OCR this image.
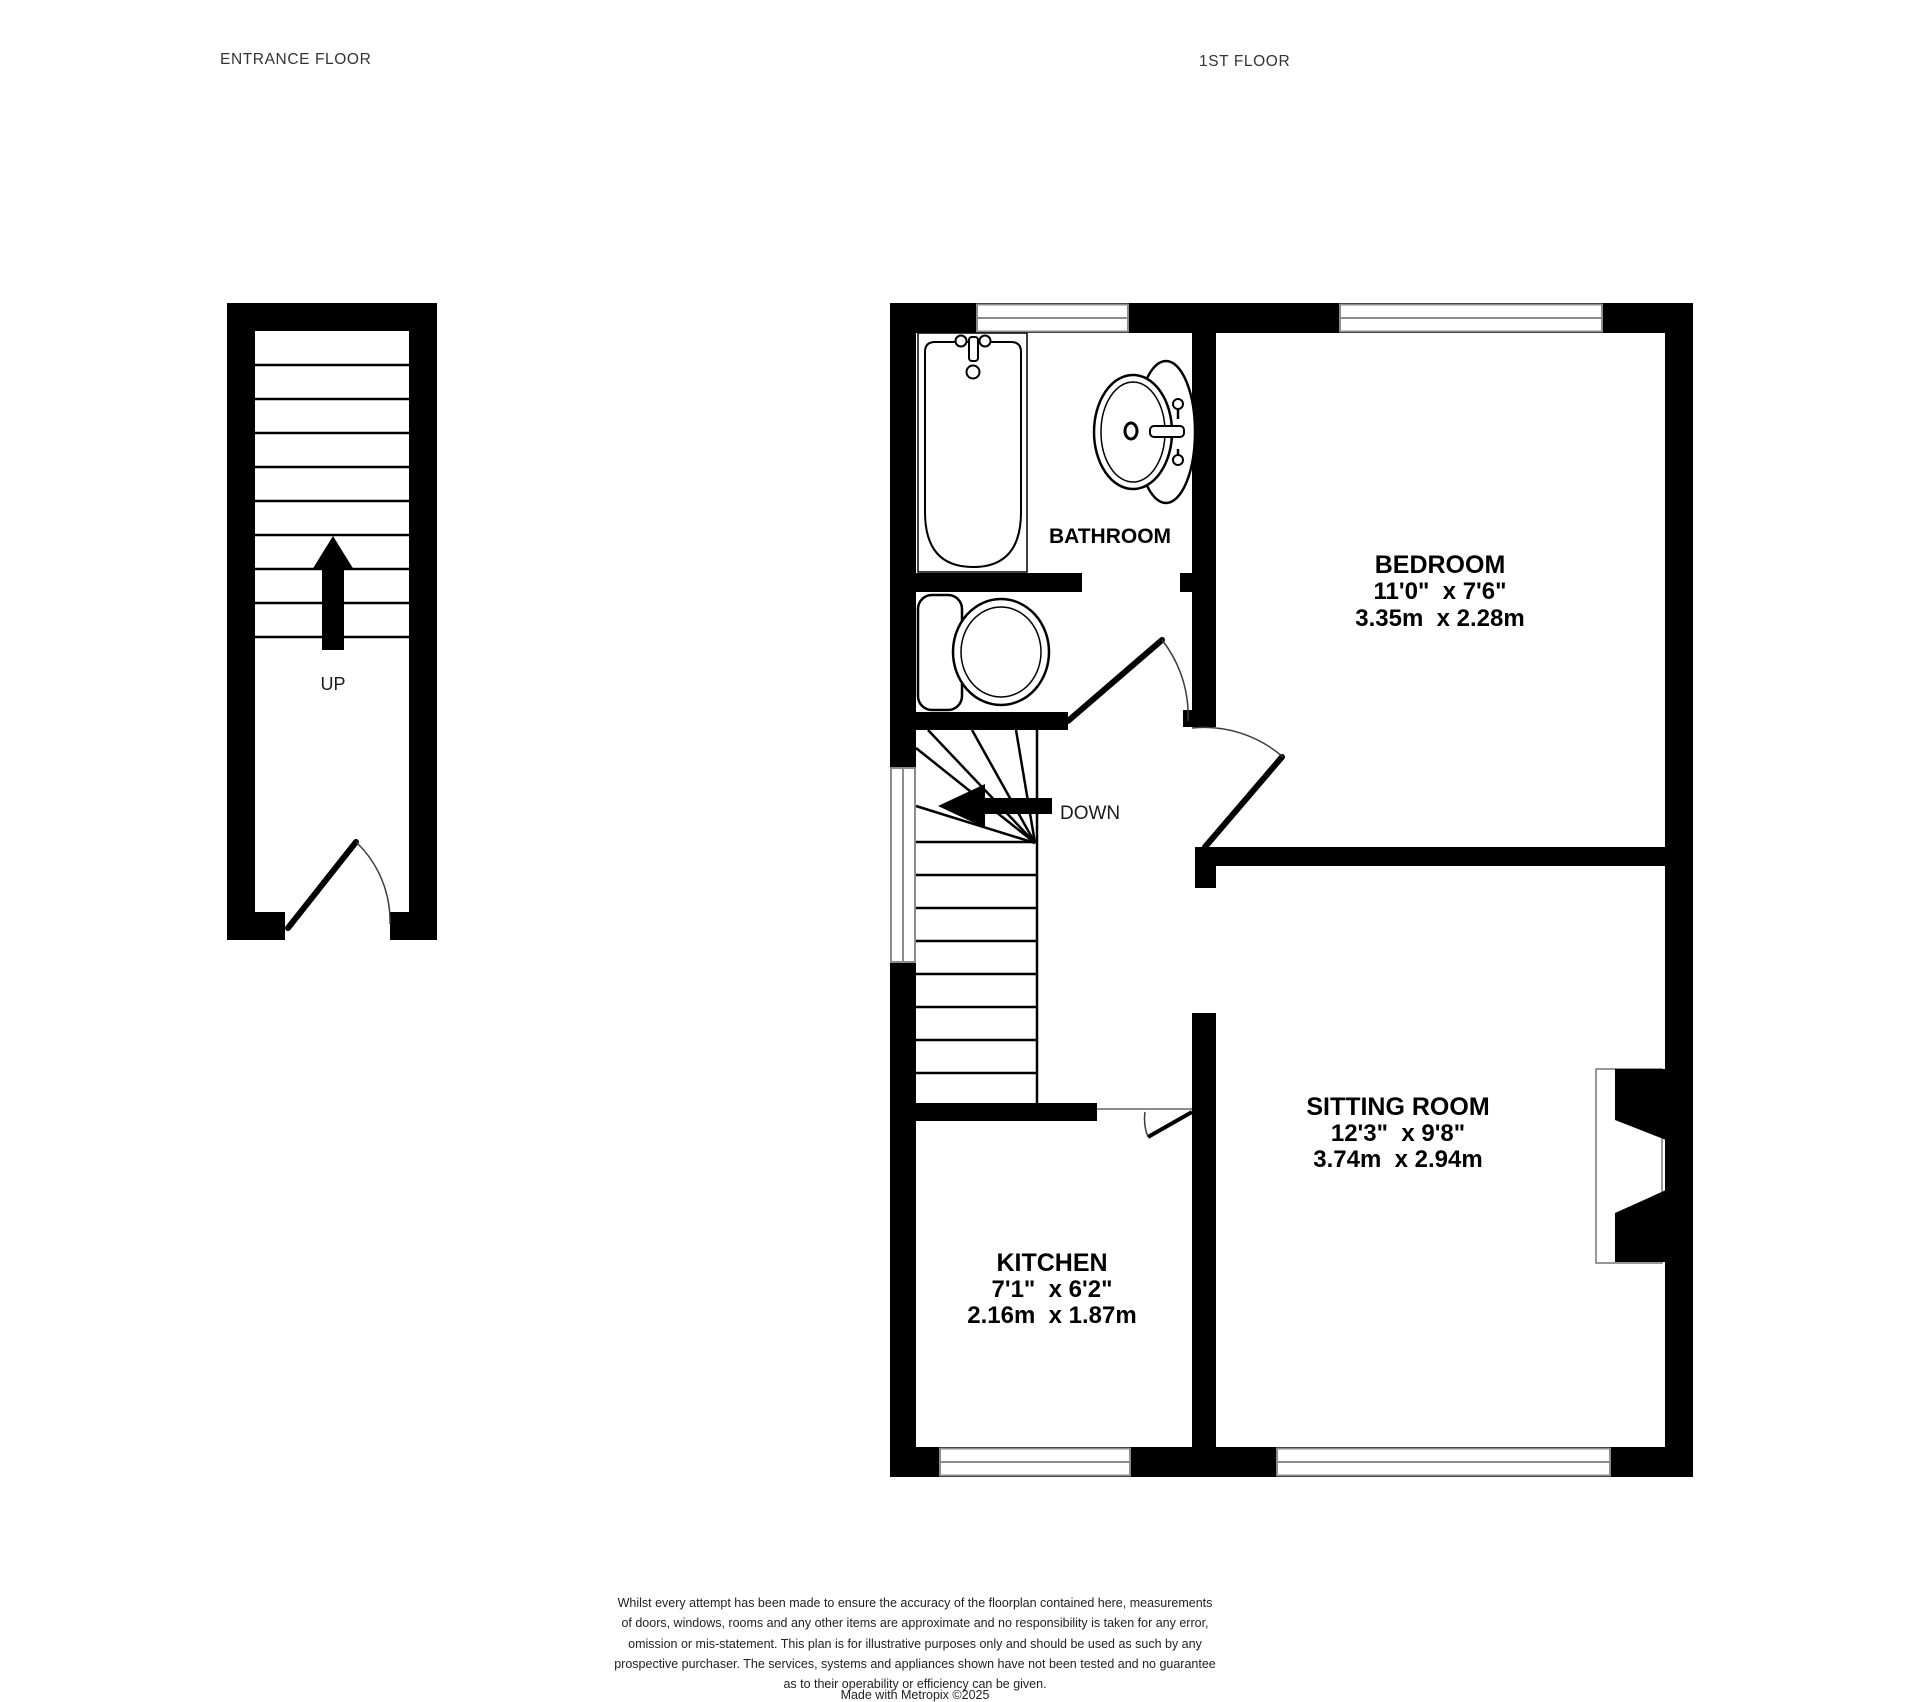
ENTRANCE FLOOR	1ST FLOOR
UP
DOWN
BATHROOM
BEDROOM
11'0"  x 7'6"
3.35m  x 2.28m
SITTING ROOM
12'3"  x 9'8"
3.74m  x 2.94m
KITCHEN
7'1"  x 6'2"
2.16m  x 1.87m
Whilst every attempt has been made to ensure the accuracy of the floorplan contained here, measurements
of doors, windows, rooms and any other items are approximate and no responsibility is taken for any error,
omission or mis-statement. This plan is for illustrative purposes only and should be used as such by any
prospective purchaser. The services, systems and appliances shown have not been tested and no guarantee
as to their operability or efficiency can be given.
Made with Metropix ©2025
